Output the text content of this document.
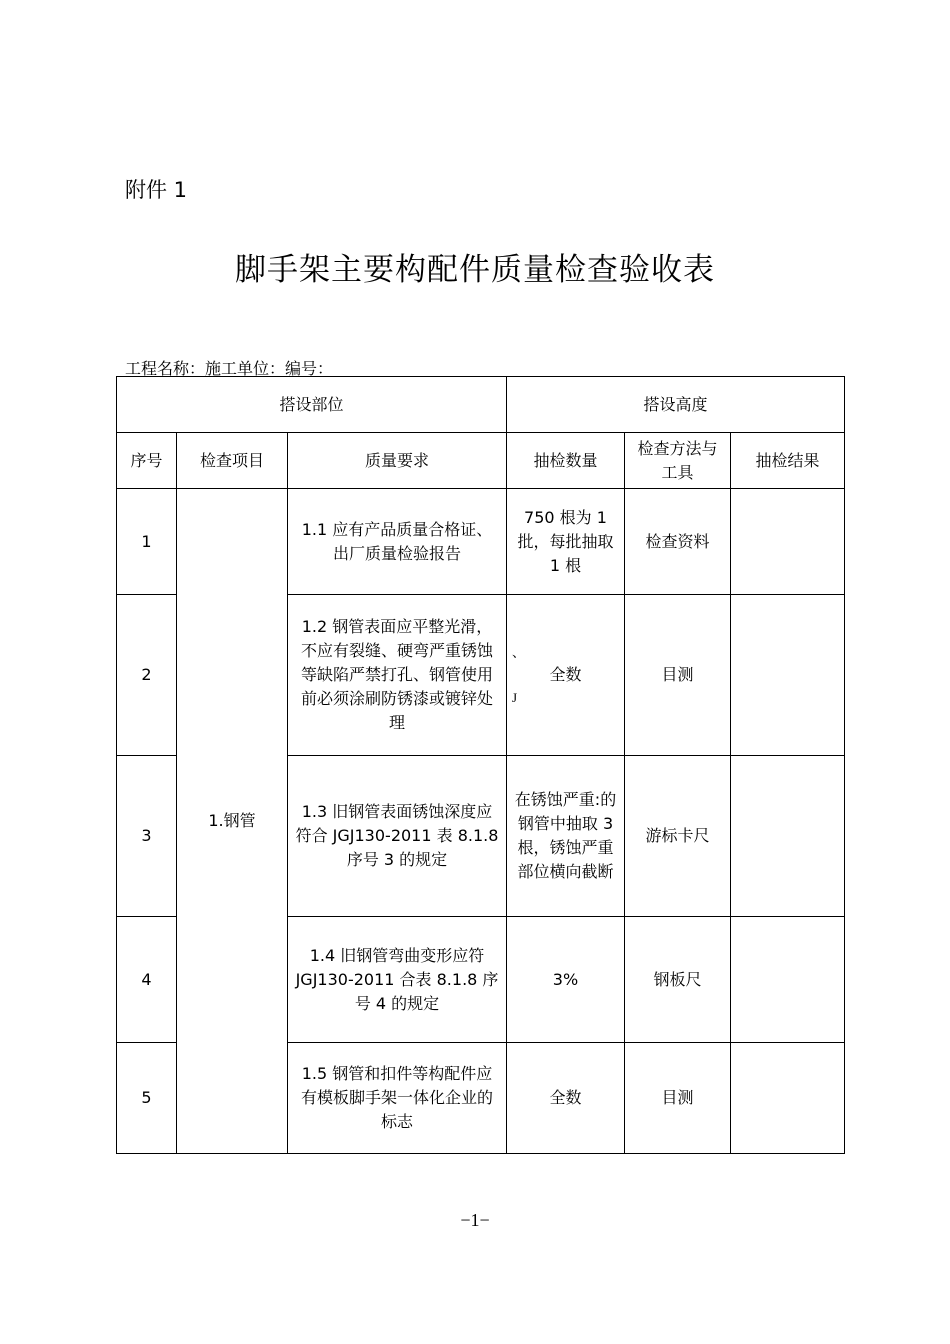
附件 1
脚手架主要构配件质量检查验收表
工程名称：施工单位：编号：
搭设部位			搭设高度		
序号	检查项目	质量要求	抽检数量	检查方法与工具	抽检结果
1	1.钢管	1.1 应有产品质量合格证、出厂质量检验报告	750 根为 1 批，每批抽取 1 根	检查资料	
2		1.2 钢管表面应平整光滑，不应有裂缝、硬弯严重锈蚀等缺陷严禁打孔、钢管使用前必须涂刷防锈漆或镀锌处理	全数	目测	
3		1.3 旧钢管表面锈蚀深度应符合 JGJ130-2011 表 8.1.8 序号 3 的规定	在锈蚀严重:的钢管中抽取 3 根，锈蚀严重部位横向截断	游标卡尺	
4		1.4 旧钢管弯曲变形应符 JGJ130-2011 合表 8.1.8 序号 4 的规定	3%	钢板尺	
5		1.5 钢管和扣件等构配件应有模板脚手架一体化企业的标志	全数	目测	
、
J
−1−
